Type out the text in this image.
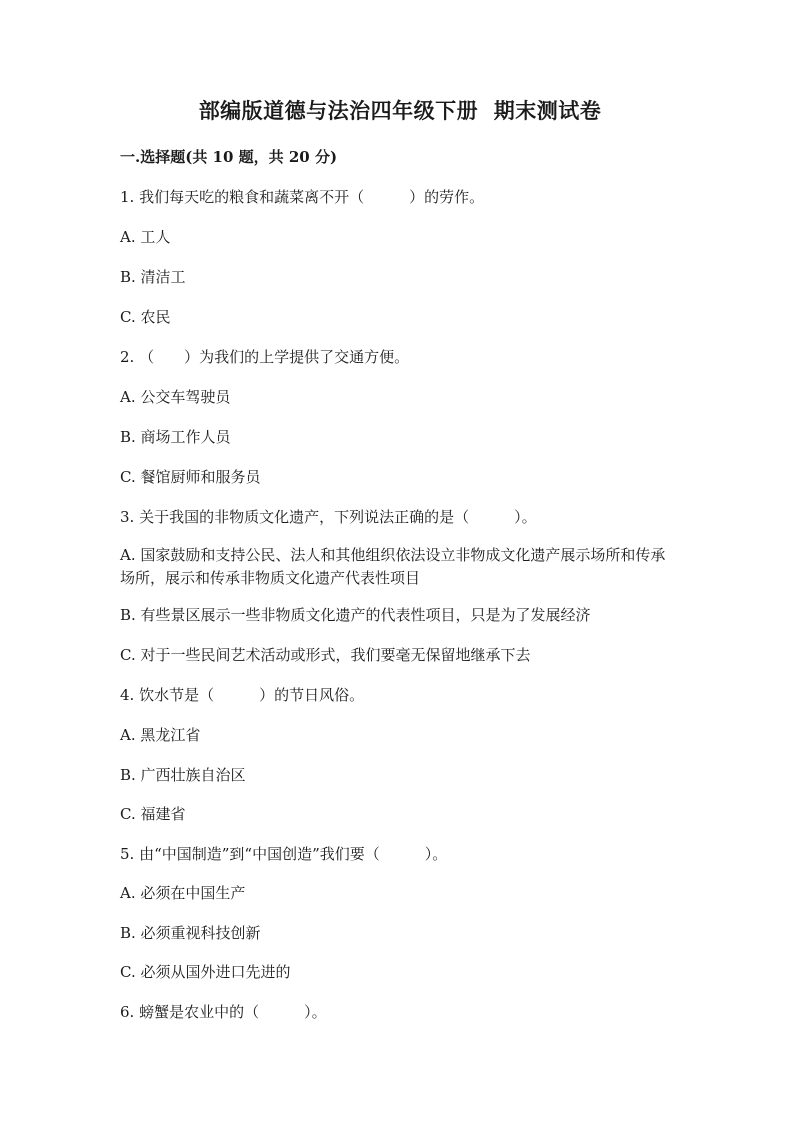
部编版道德与法治四年级下册  期末测试卷
一.选择题(共 10 题，共 20 分)
1. 我们每天吃的粮食和蔬菜离不开（　　　）的劳作。
A. 工人
B. 清洁工
C. 农民
2. （　　）为我们的上学提供了交通方便。
A. 公交车驾驶员
B. 商场工作人员
C. 餐馆厨师和服务员
3. 关于我国的非物质文化遗产，下列说法正确的是（　　　）。
A. 国家鼓励和支持公民、法人和其他组织依法设立非物成文化遗产展示场所和传承场所，展示和传承非物质文化遗产代表性项目
B. 有些景区展示一些非物质文化遗产的代表性项目，只是为了发展经济
C. 对于一些民间艺术活动或形式，我们要毫无保留地继承下去
4. 饮水节是（　　　）的节日风俗。
A. 黑龙江省
B. 广西壮族自治区
C. 福建省
5. 由“中国制造”到“中国创造”我们要（　　　）。
A. 必须在中国生产
B. 必须重视科技创新
C. 必须从国外进口先进的
6. 螃蟹是农业中的（　　　）。
